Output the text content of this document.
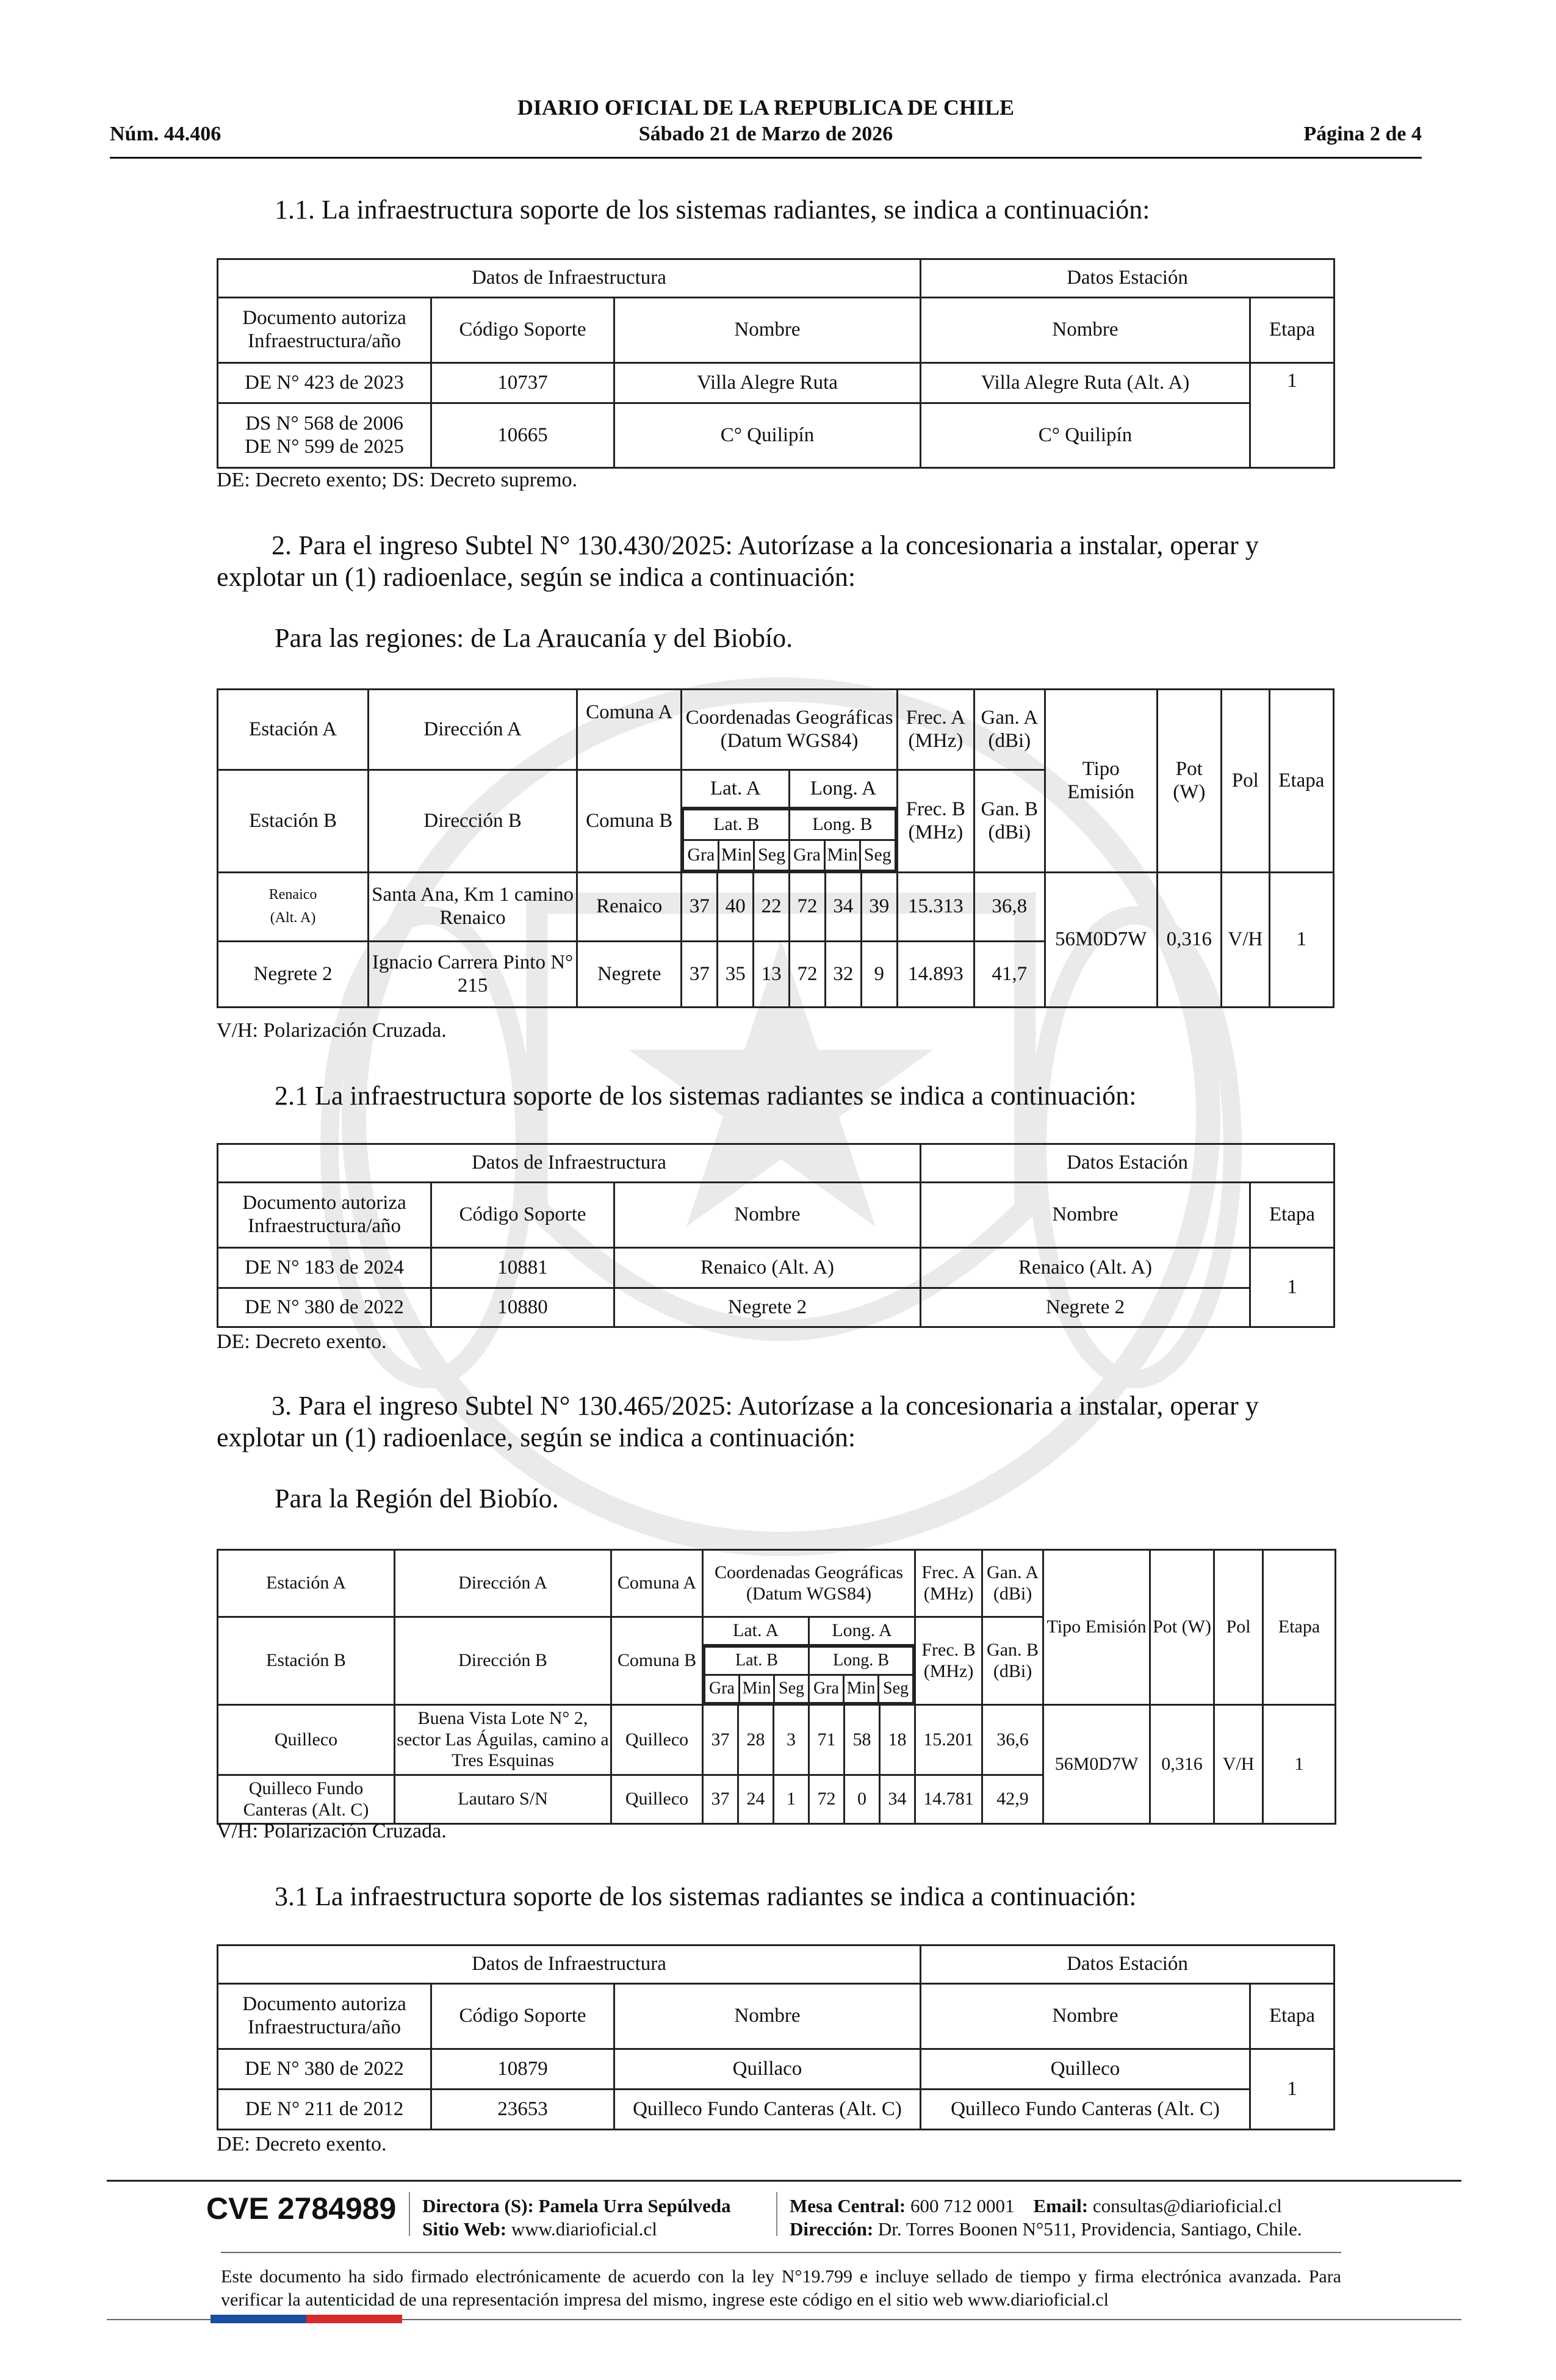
Núm. 44.406
DIARIO OFICIAL DE LA REPUBLICA DE CHILE
Sábado 21 de Marzo de 2026	Página 2 de 4
1.1. La infraestructura soporte de los sistemas radiantes, se indica a continuación:
Datos de Infraestructura			Datos Estación	
Documento autoriza Infraestructura/año	Código Soporte	Nombre	Nombre	Etapa
DE N° 423 de 2023	10737	Villa Alegre Ruta	Villa Alegre Ruta (Alt. A)	1

DS N° 568 de 2006
DE N° 599 de 2025	10665	C° Quilipín	C° Quilipín	
DE: Decreto exento; DS: Decreto supremo.
2. Para el ingreso Subtel N° 130.430/2025: Autorízase a la concesionaria a instalar, operar y
explotar un (1) radioenlace, según se indica a continuación:
Para las regiones: de La Araucanía y del Biobío.
Estación A	Dirección A	Comuna A	Coordenadas Geográficas (Datum WGS84)	Frec. A (MHz)	Gan. A (dBi)	Tipo Emisión	Pot (W)	Pol	Etapa
Estación B	Dirección B	Comuna B	Lat. A	Long. A	Frec. B (MHz)	Gan. B (dBi)

Lat. B	Long. B
Gra	Min	Seg	Gra	Min	Seg

Renaico
(Alt. A)
	Santa Ana, Km 1 camino Renaico	Renaico	37	40	22	72	34	39	15.313	36,8	56M0D7W	0,316	V/H	1
Negrete 2	Ignacio Carrera Pinto N° 215	Negrete	37	35	13	72	32	9	14.893	41,7
V/H: Polarización Cruzada.
2.1 La infraestructura soporte de los sistemas radiantes se indica a continuación:
Datos de Infraestructura			Datos Estación	
Documento autoriza Infraestructura/año	Código Soporte	Nombre	Nombre	Etapa
DE N° 183 de 2024	10881	Renaico (Alt. A)	Renaico (Alt. A)	1
DE N° 380 de 2022	10880	Negrete 2	Negrete 2	
DE: Decreto exento.
3. Para el ingreso Subtel N° 130.465/2025: Autorízase a la concesionaria a instalar, operar y
explotar un (1) radioenlace, según se indica a continuación:
Para la Región del Biobío.
Estación A	Dirección A	Comuna A	Coordenadas Geográficas (Datum WGS84)	Frec. A (MHz)	Gan. A (dBi)	Tipo Emisión	Pot (W)	Pol	Etapa
Estación B	Dirección B	Comuna B	Lat. A	Long. A	Frec. B (MHz)	Gan. B (dBi)

Lat. B	Long. B
Gra	Min	Seg	Gra	Min	Seg

Quilleco	Buena Vista Lote N° 2, sector Las Águilas, camino a Tres Esquinas	Quilleco	37	28	3	71	58	18	15.201	36,6	56M0D7W	0,316	V/H	1
Quilleco Fundo Canteras (Alt. C)	Lautaro S/N	Quilleco	37	24	1	72	0	34	14.781	42,9
V/H: Polarización Cruzada.
3.1 La infraestructura soporte de los sistemas radiantes se indica a continuación:
Datos de Infraestructura			Datos Estación	
Documento autoriza Infraestructura/año	Código Soporte	Nombre	Nombre	Etapa
DE N° 380 de 2022	10879	Quillaco	Quilleco	1
DE N° 211 de 2012	23653	Quilleco Fundo Canteras (Alt. C)	Quilleco Fundo Canteras (Alt. C)	
DE: Decreto exento.
CVE 2784989 Directora (S): Pamela Urra Sepúlveda
Sitio Web: www.diarioficial.cl
Mesa Central: 600 712 0001 Email: consultas@diarioficial.cl
Dirección: Dr. Torres Boonen N°511, Providencia, Santiago, Chile.
Este documento ha sido firmado electrónicamente de acuerdo con la ley N°19.799 e incluye sellado de tiempo y firma electrónica avanzada. Para verificar la autenticidad de una representación impresa del mismo, ingrese este código en el sitio web www.diarioficial.cl
